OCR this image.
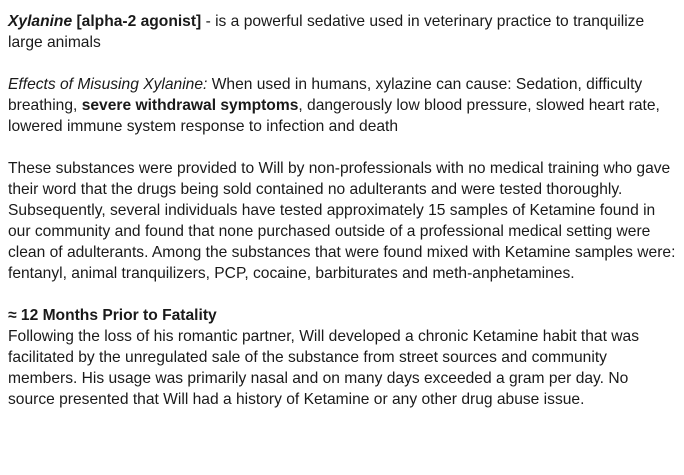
Xylanine [alpha-2 agonist] - is a powerful sedative used in veterinary practice to tranquilize large animals

Effects of Misusing Xylanine: When used in humans, xylazine can cause: Sedation, difficulty breathing, severe withdrawal symptoms, dangerously low blood pressure, slowed heart rate, lowered immune system response to infection and death

These substances were provided to Will by non-professionals with no medical training who gave their word that the drugs being sold contained no adulterants and were tested thoroughly. Subsequently, several individuals have tested approximately 15 samples of Ketamine found in our community and found that none purchased outside of a professional medical setting were clean of adulterants. Among the substances that were found mixed with Ketamine samples were: fentanyl, animal tranquilizers, PCP, cocaine, barbiturates and meth-anphetamines.

≈ 12 Months Prior to Fatality

Following the loss of his romantic partner, Will developed a chronic Ketamine habit that was facilitated by the unregulated sale of the substance from street sources and community members. His usage was primarily nasal and on many days exceeded a gram per day. No source presented that Will had a history of Ketamine or any other drug abuse issue.
